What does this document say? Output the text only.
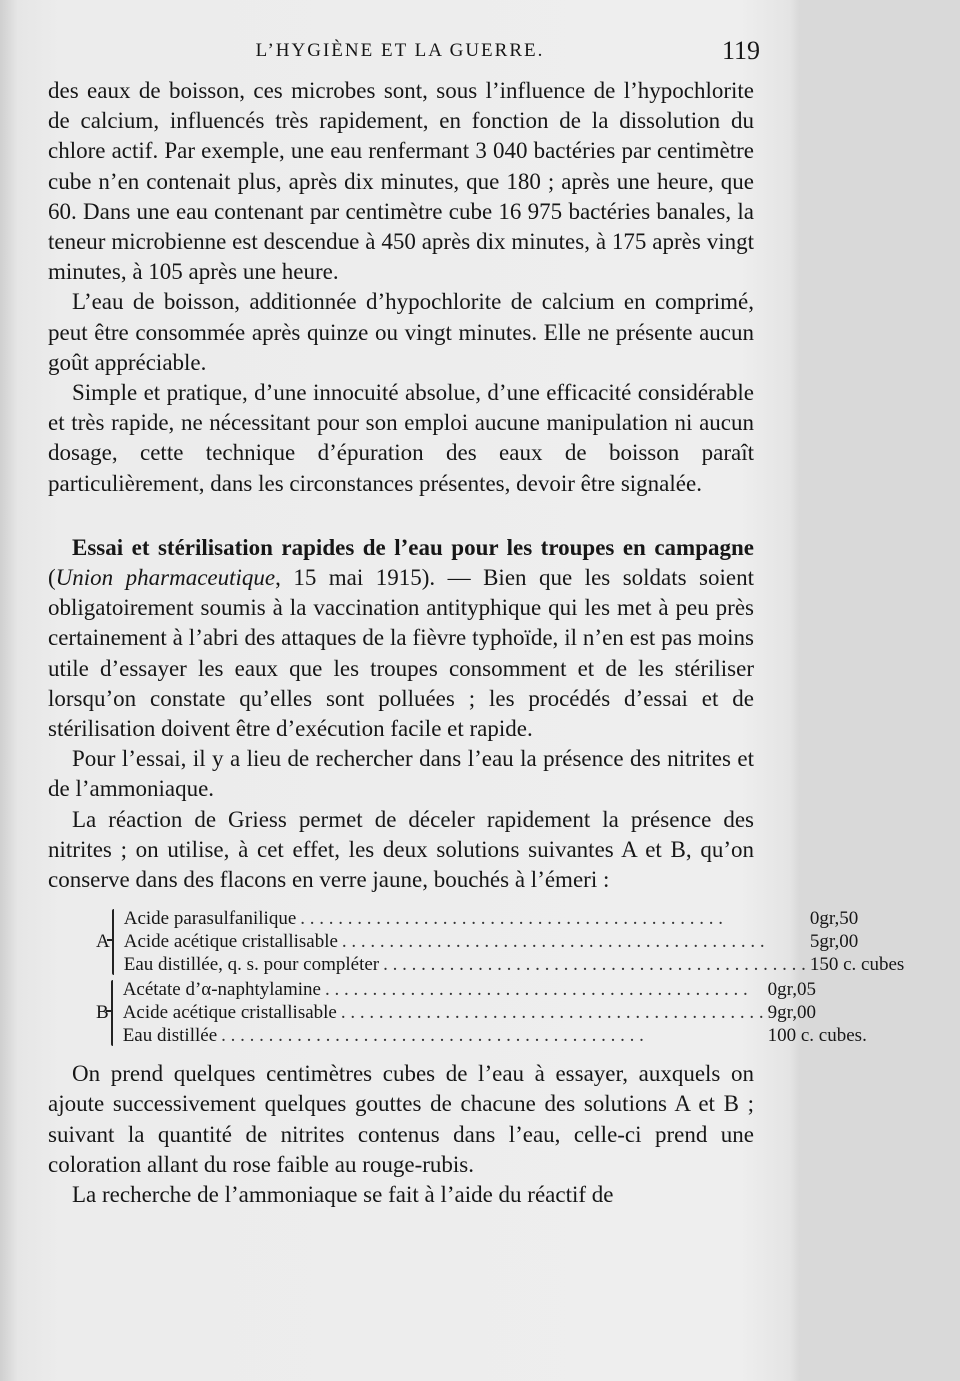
L’HYGIÈNE ET LA GUERRE.	119

des eaux de boisson, ces microbes sont, sous l’influence de l’hypochlorite de calcium, influencés très rapidement, en fonction de la dissolution du chlore actif. Par exemple, une eau renfermant 3 040 bactéries par centimètre cube n’en contenait plus, après dix minutes, que 180 ; après une heure, que 60. Dans une eau contenant par centimètre cube 16 975 bactéries banales, la teneur microbienne est descendue à 450 après dix minutes, à 175 après vingt minutes, à 105 après une heure.

L’eau de boisson, additionnée d’hypochlorite de calcium en comprimé, peut être consommée après quinze ou vingt minutes. Elle ne présente aucun goût appréciable.

Simple et pratique, d’une innocuité absolue, d’une efficacité considérable et très rapide, ne nécessitant pour son emploi aucune manipulation ni aucun dosage, cette technique d’épuration des eaux de boisson paraît particulièrement, dans les circonstances présentes, devoir être signalée.

Essai et stérilisation rapides de l’eau pour les troupes en campagne (Union pharmaceutique, 15 mai 1915). — Bien que les soldats soient obligatoirement soumis à la vaccination antityphique qui les met à peu près certainement à l’abri des attaques de la fièvre typhoïde, il n’en est pas moins utile d’essayer les eaux que les troupes consomment et de les stériliser lorsqu’on constate qu’elles sont polluées ; les procédés d’essai et de stérilisation doivent être d’exécution facile et rapide.

Pour l’essai, il y a lieu de rechercher dans l’eau la présence des nitrites et de l’ammoniaque.

La réaction de Griess permet de déceler rapidement la présence des nitrites ; on utilise, à cet effet, les deux solutions suivantes A et B, qu’on conserve dans des flacons en verre jaune, bouchés à l’émeri :

A
Acide parasulfanilique . . .	0gr,50
Acide acétique cristallisable . . .	5gr,00
Eau distillée, q. s. pour compléter . . .	150 c. cubes
B
Acétate d’α-naphtylamine . . .	0gr,05
Acide acétique cristallisable . . .	9gr,00
Eau distillée . . .	100 c. cubes.

On prend quelques centimètres cubes de l’eau à essayer, auxquels on ajoute successivement quelques gouttes de chacune des solutions A et B ; suivant la quantité de nitrites contenus dans l’eau, celle-ci prend une coloration allant du rose faible au rouge-rubis.

La recherche de l’ammoniaque se fait à l’aide du réactif de
